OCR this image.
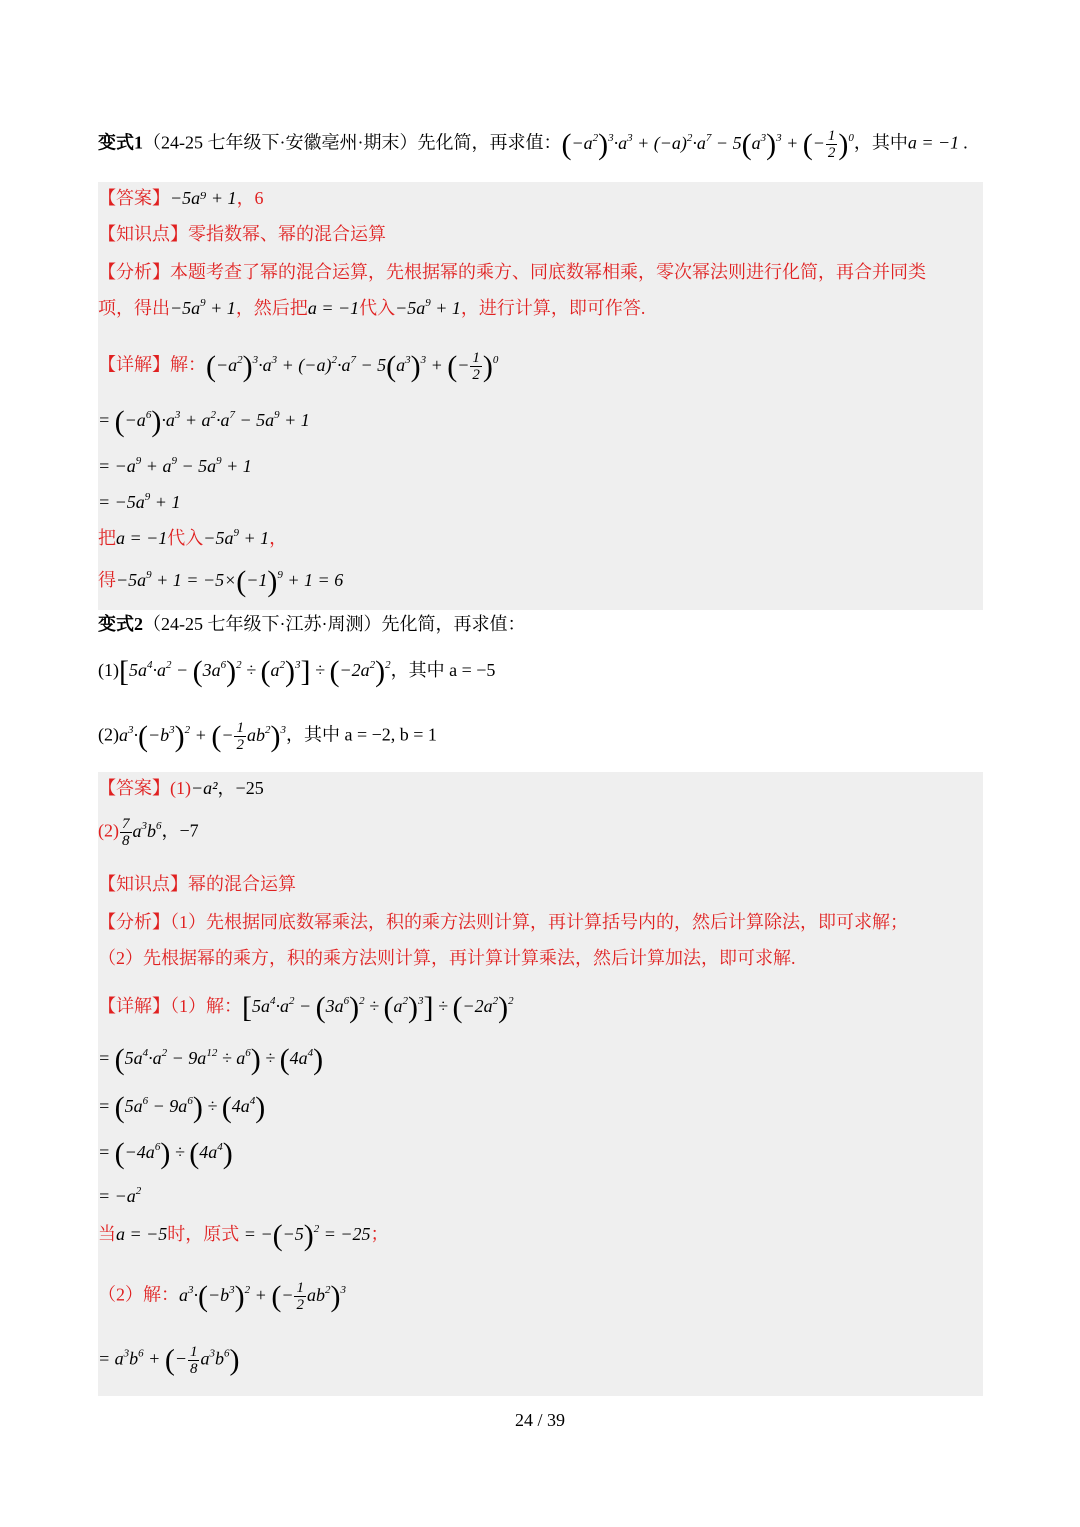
变式1（24-25 七年级下·安徽亳州·期末）先化简，再求值：$(-a^2)^3\cdot a^3 + (-a)^2\cdot a^7 - 5(a^3)^3$ + (− $\frac{1}{2} )^0$，其中a = −1 .
【答案】−5a⁹ + 1，6
【知识点】零指数幂、幂的混合运算
【分析】本题考查了幂的混合运算，先根据幂的乘方、同底数幂相乘，零次幂法则进行化简，再合并同类
项，得出$-5a^9 + 1$，然后把a = −1代入$-5a^9 + 1$，进行计算，即可作答.
【详解】解：$(-a^2)^3\cdot a^3 + (-a)^2\cdot a^7 - 5(a^3)^3$ + (− $\frac{1}{2} )^0$
= $(-a^6)\cdot a^3 + a^2\cdot a^7 - 5a^9 + 1$
= $-a^9 + a^9 - 5a^9 + 1$
= $-5a^9 + 1$
把a = −1代入$-5a^9 + 1$，
得$-5a^9 + 1 = -5\times(-1)^9 + 1 = 6$
变式2（24-25 七年级下·江苏·周测）先化简，再求值：
$(1)[5a^4\cdot a^2 - (3a^6)^2 \div (a^2)^3] \div (-2a^2)^2$，其中 a = −5
$(2)a^3\cdot(-b^3)^2$ + (− $\frac{1}{2} ab^2)^3$，其中 a = −2, b = 1
【答案】(1)−a²，−25
$(2) \frac{7}{8} a^3b^6$，−7
【知识点】幂的混合运算
【分析】（1）先根据同底数幂乘法，积的乘方法则计算，再计算括号内的，然后计算除法，即可求解；
（2）先根据幂的乘方，积的乘方法则计算，再计算计算乘法，然后计算加法，即可求解.
【详解】（1）解：$[5a^4\cdot a^2 - (3a^6)^2 \div (a^2)^3] \div (-2a^2)^2$
= $(5a^4\cdot a^2 - 9a^{12} \div a^6) \div (4a^4)$
= $(5a^6 - 9a^6) \div (4a^4)$
= $(-4a^6) \div (4a^4)$
= $-a^2$
当a = −5时，原式 = $-(-5)^2 = -25$；
（2）解：$a^3\cdot(-b^3)^2$ + (− $\frac{1}{2} ab^2)^3$
= $a^3b^6$ + (− $\frac{1}{8} a^3b^6$)
24 / 39
